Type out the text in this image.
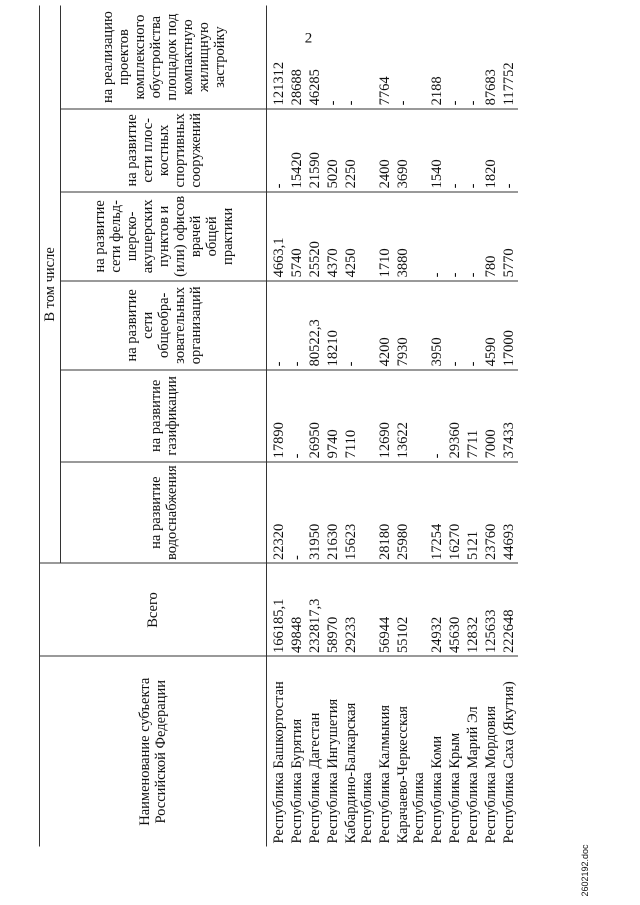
2
Наименование субъекта Российской Федерации	Всего	В том числе					
		на развитие водоснабжения	на развитие газификации	на развитие сети общеобра-зовательных организаций	на развитие сети фельд-шерско-акушерских пунктов и (или) офисов врачей общей практики	на развитие сети плос-костных спортивных сооружений	на реализацию проектов комплексного обустройства площадок под компактную жилищную застройку
Республика Башкортостан	166185,1	22320	17890	-	4663,1	-	121312
Республика Бурятия	49848	-	-	-	5740	15420	28688
Республика Дагестан	232817,3	31950	26950	80522,3	25520	21590	46285
Республика Ингушетия	58970	21630	9740	18210	4370	5020	-
Кабардино-Балкарская Республика	29233	15623	7110	-	4250	2250	-
Республика Калмыкия	56944	28180	12690	4200	1710	2400	7764
Карачаево-Черкесская Республика	55102	25980	13622	7930	3880	3690	-
Республика Коми	24932	17254	-	3950	-	1540	2188
Республика Крым	45630	16270	29360	-	-	-	-
Республика Марий Эл	12832	5121	7711	-	-	-	-
Республика Мордовия	125633	23760	7000	4590	780	1820	87683
Республика Саха (Якутия)	222648	44693	37433	17000	5770	-	117752
2602192.doc
